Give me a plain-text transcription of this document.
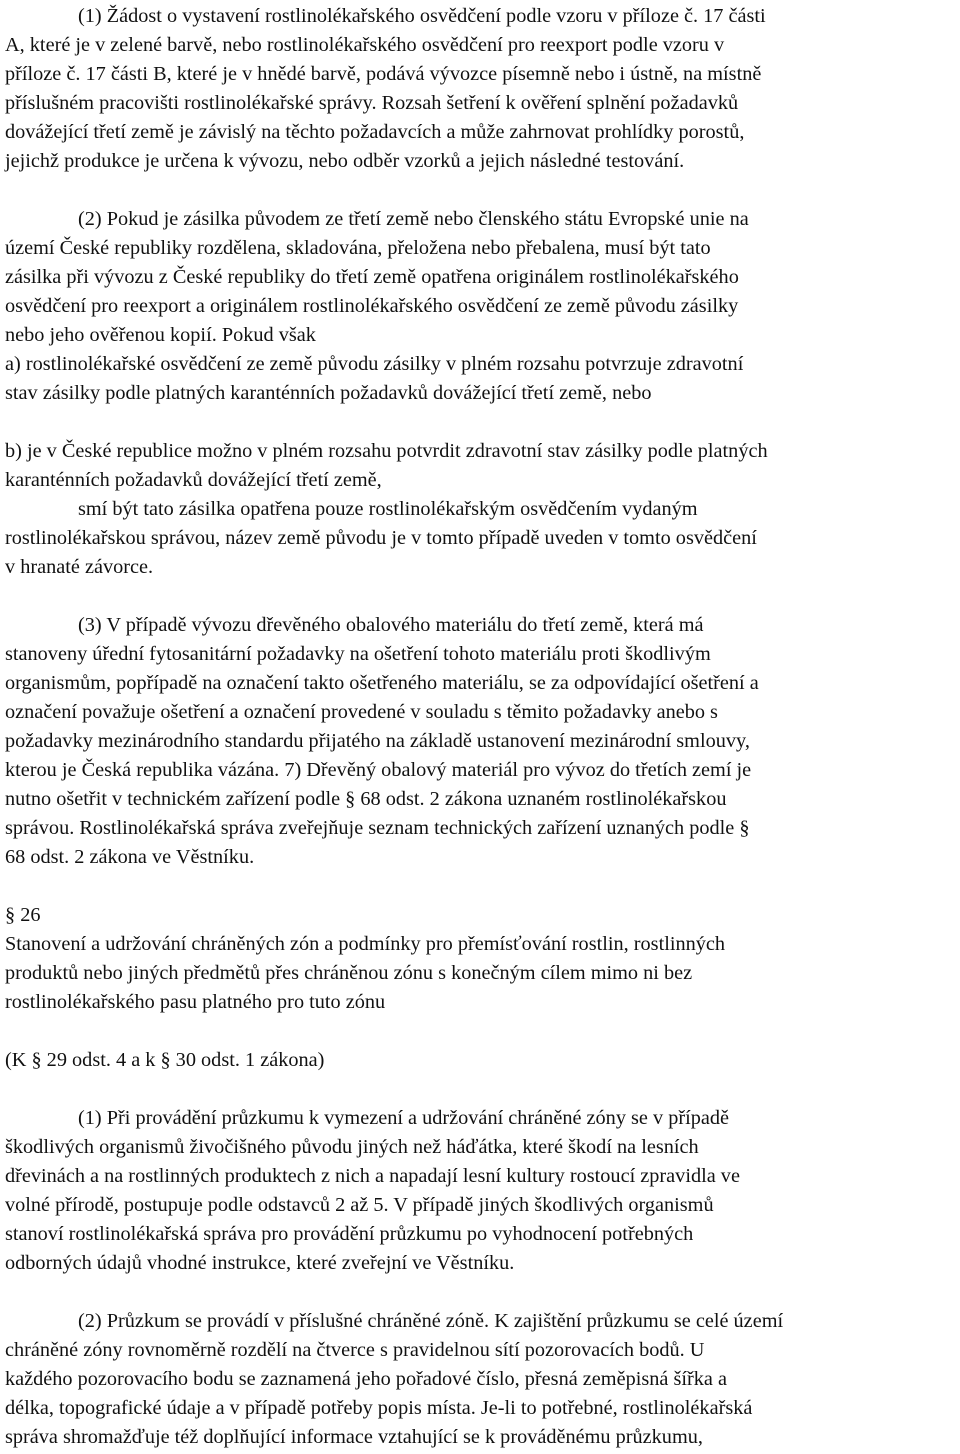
(1) Žádost o vystavení rostlinolékařského osvědčení podle vzoru v příloze č. 17 části
A, které je v zelené barvě, nebo rostlinolékařského osvědčení pro reexport podle vzoru v
příloze č. 17 části B, které je v hnědé barvě, podává vývozce písemně nebo i ústně, na místně
příslušném pracovišti rostlinolékařské správy. Rozsah šetření k ověření splnění požadavků
dovážející třetí země je závislý na těchto požadavcích a může zahrnovat prohlídky porostů,
jejichž produkce je určena k vývozu, nebo odběr vzorků a jejich následné testování.
(2) Pokud je zásilka původem ze třetí země nebo členského státu Evropské unie na
území České republiky rozdělena, skladována, přeložena nebo přebalena, musí být tato
zásilka při vývozu z České republiky do třetí země opatřena originálem rostlinolékařského
osvědčení pro reexport a originálem rostlinolékařského osvědčení ze země původu zásilky
nebo jeho ověřenou kopií. Pokud však
a) rostlinolékařské osvědčení ze země původu zásilky v plném rozsahu potvrzuje zdravotní
stav zásilky podle platných karanténních požadavků dovážející třetí země, nebo
b) je v České republice možno v plném rozsahu potvrdit zdravotní stav zásilky podle platných
karanténních požadavků dovážející třetí země,
smí být tato zásilka opatřena pouze rostlinolékařským osvědčením vydaným
rostlinolékařskou správou, název země původu je v tomto případě uveden v tomto osvědčení
v hranaté závorce.
(3) V případě vývozu dřevěného obalového materiálu do třetí země, která má
stanoveny úřední fytosanitární požadavky na ošetření tohoto materiálu proti škodlivým
organismům, popřípadě na označení takto ošetřeného materiálu, se za odpovídající ošetření a
označení považuje ošetření a označení provedené v souladu s těmito požadavky anebo s
požadavky mezinárodního standardu přijatého na základě ustanovení mezinárodní smlouvy,
kterou je Česká republika vázána. 7) Dřevěný obalový materiál pro vývoz do třetích zemí je
nutno ošetřit v technickém zařízení podle § 68 odst. 2 zákona uznaném rostlinolékařskou
správou. Rostlinolékařská správa zveřejňuje seznam technických zařízení uznaných podle §
68 odst. 2 zákona ve Věstníku.
§ 26
Stanovení a udržování chráněných zón a podmínky pro přemísťování rostlin, rostlinných
produktů nebo jiných předmětů přes chráněnou zónu s konečným cílem mimo ni bez
rostlinolékařského pasu platného pro tuto zónu
(K § 29 odst. 4 a k § 30 odst. 1 zákona)
(1) Při provádění průzkumu k vymezení a udržování chráněné zóny se v případě
škodlivých organismů živočišného původu jiných než háďátka, které škodí na lesních
dřevinách a na rostlinných produktech z nich a napadají lesní kultury rostoucí zpravidla ve
volné přírodě, postupuje podle odstavců 2 až 5. V případě jiných škodlivých organismů
stanoví rostlinolékařská správa pro provádění průzkumu po vyhodnocení potřebných
odborných údajů vhodné instrukce, které zveřejní ve Věstníku.
(2) Průzkum se provádí v příslušné chráněné zóně. K zajištění průzkumu se celé území
chráněné zóny rovnoměrně rozdělí na čtverce s pravidelnou sítí pozorovacích bodů. U
každého pozorovacího bodu se zaznamená jeho pořadové číslo, přesná zeměpisná šířka a
délka, topografické údaje a v případě potřeby popis místa. Je-li to potřebné, rostlinolékařská
správa shromažďuje též doplňující informace vztahující se k prováděnému průzkumu,
